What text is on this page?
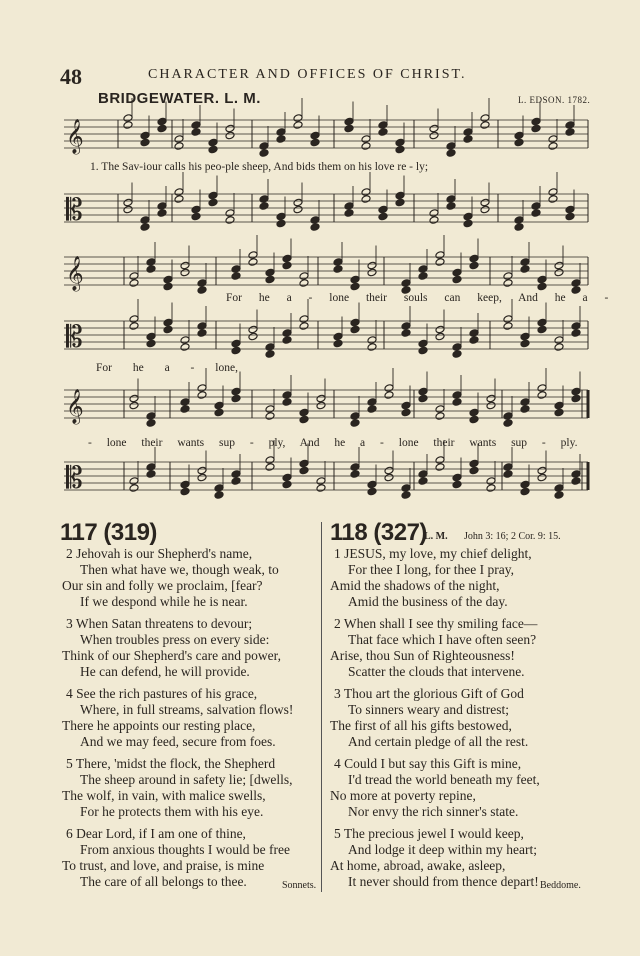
48	CHARACTER AND OFFICES OF CHRIST.
BRIDGEWATER. L. M.	L. EDSON. 1782.
𝄞
𝄡
𝄞
𝄡
𝄞
𝄡
1. The Sav-iour calls his peo-ple sheep, And bids them on his love re - ly;
For he a - lone their souls can keep, And he a -
For he a - lone,
- lone their wants sup - ply, And he a - lone their wants sup - ply.
117 (319)
2 Jehovah is our Shepherd's name,
Then what have we, though weak, to
Our sin and folly we proclaim, [fear?
If we despond while he is near.
3 When Satan threatens to devour;
When troubles press on every side:
Think of our Shepherd's care and power,
He can defend, he will provide.
4 See the rich pastures of his grace,
Where, in full streams, salvation flows!
There he appoints our resting place,
And we may feed, secure from foes.
5 There, 'midst the flock, the Shepherd
The sheep around in safety lie; [dwells,
The wolf, in vain, with malice swells,
For he protects them with his eye.
6 Dear Lord, if I am one of thine,
From anxious thoughts I would be free
To trust, and love, and praise, is mine
The care of all belongs to thee.	Sonnets.
118 (327)
L. M. John 3: 16; 2 Cor. 9: 15.
1 JESUS, my love, my chief delight,
For thee I long, for thee I pray,
Amid the shadows of the night,
Amid the business of the day.
2 When shall I see thy smiling face—
That face which I have often seen?
Arise, thou Sun of Righteousness!
Scatter the clouds that intervene.
3 Thou art the glorious Gift of God
To sinners weary and distrest;
The first of all his gifts bestowed,
And certain pledge of all the rest.
4 Could I but say this Gift is mine,
I'd tread the world beneath my feet,
No more at poverty repine,
Nor envy the rich sinner's state.
5 The precious jewel I would keep,
And lodge it deep within my heart;
At home, abroad, awake, asleep,
It never should from thence depart! Beddome.
